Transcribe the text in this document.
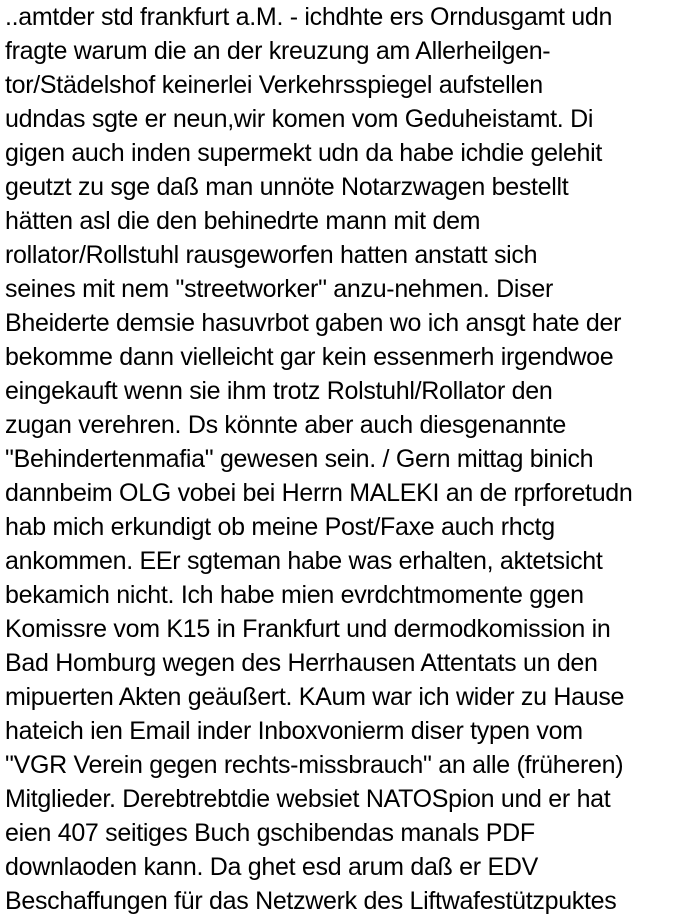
..amtder std frankfurt a.M. - ichdhte ers Orndusgamt udn
fragte warum die an der kreuzung am Allerheilgen-
tor/Städelshof keinerlei Verkehrsspiegel aufstellen
udndas sgte er neun,wir komen vom Geduheistamt. Di
gigen auch inden supermekt udn da habe ichdie gelehit
geutzt zu sge daß man unnöte Notarzwagen bestellt
hätten asl die den behinedrte mann mit dem
rollator/Rollstuhl rausgeworfen hatten anstatt sich
seines mit nem "streetworker" anzu-nehmen. Diser
Bheiderte demsie hasuvrbot gaben wo ich ansgt hate der
bekomme dann vielleicht gar kein essenmerh irgendwoe
eingekauft wenn sie ihm trotz Rolstuhl/Rollator den
zugan verehren. Ds könnte aber auch diesgenannte
"Behindertenmafia" gewesen sein. / Gern mittag binich
dannbeim OLG vobei bei Herrn MALEKI an de rprforetudn
hab mich erkundigt ob meine Post/Faxe auch rhctg
ankommen. EEr sgteman habe was erhalten, aktetsicht
bekamich nicht. Ich habe mien evrdchtmomente ggen
Komissre vom K15 in Frankfurt und dermodkomission in
Bad Homburg wegen des Herrhausen Attentats un den
mipuerten Akten geäußert. KAum war ich wider zu Hause
hateich ien Email inder Inboxvonierm diser typen vom
"VGR Verein gegen rechts-missbrauch" an alle (früheren)
Mitglieder. Derebtrebtdie websiet NATOSpion und er hat
eien 407 seitiges Buch gschibendas manals PDF
downlaoden kann. Da ghet esd arum daß er EDV
Beschaffungen für das Netzwerk des Liftwafestützpuktes
